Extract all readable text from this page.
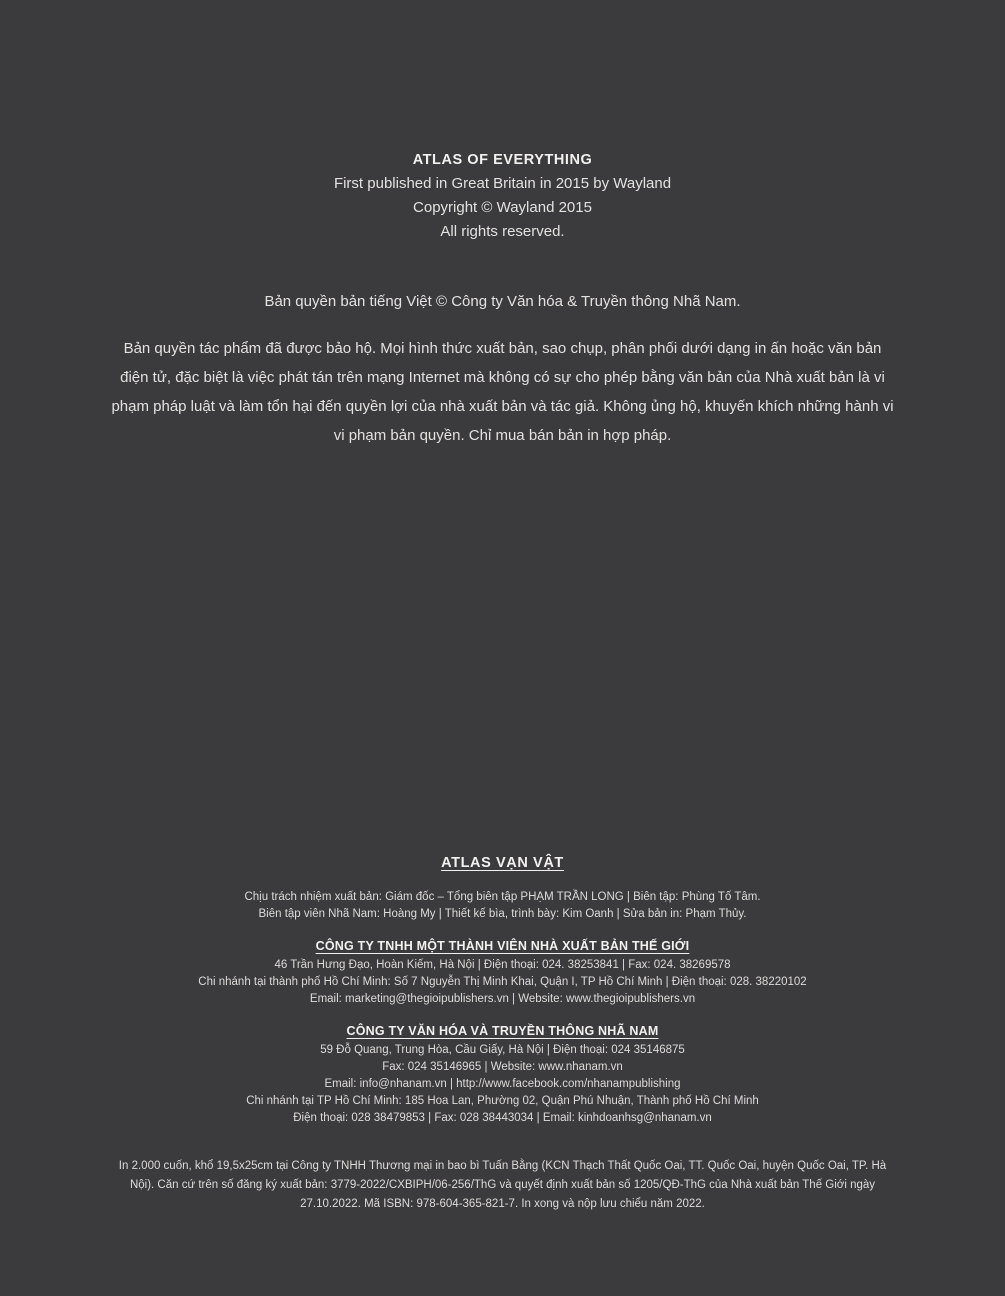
ATLAS OF EVERYTHING
First published in Great Britain in 2015 by Wayland
Copyright © Wayland 2015
All rights reserved.
Bản quyền bản tiếng Việt © Công ty Văn hóa & Truyền thông Nhã Nam.
Bản quyền tác phẩm đã được bảo hộ. Mọi hình thức xuất bản, sao chụp, phân phối dưới dạng in ấn hoặc văn bản điện tử, đặc biệt là việc phát tán trên mạng Internet mà không có sự cho phép bằng văn bản của Nhà xuất bản là vi phạm pháp luật và làm tổn hại đến quyền lợi của nhà xuất bản và tác giả. Không ủng hộ, khuyến khích những hành vi vi phạm bản quyền. Chỉ mua bán bản in hợp pháp.
ATLAS VẠN VẬT
Chịu trách nhiệm xuất bản: Giám đốc – Tổng biên tập PHẠM TRẦN LONG | Biên tập: Phùng Tố Tâm.
Biên tập viên Nhã Nam: Hoàng My | Thiết kế bìa, trình bày: Kim Oanh | Sửa bản in: Phạm Thủy.
CÔNG TY TNHH MỘT THÀNH VIÊN NHÀ XUẤT BẢN THẾ GIỚI
46 Trần Hưng Đạo, Hoàn Kiếm, Hà Nội | Điện thoại: 024. 38253841 | Fax: 024. 38269578
Chi nhánh tại thành phố Hồ Chí Minh: Số 7 Nguyễn Thị Minh Khai, Quận I, TP Hồ Chí Minh | Điện thoại: 028. 38220102
Email: marketing@thegioipublishers.vn | Website: www.thegioipublishers.vn
CÔNG TY VĂN HÓA VÀ TRUYỀN THÔNG NHÃ NAM
59 Đỗ Quang, Trung Hòa, Cầu Giấy, Hà Nội | Điện thoại: 024 35146875
Fax: 024 35146965 | Website: www.nhanam.vn
Email: info@nhanam.vn | http://www.facebook.com/nhanampublishing
Chi nhánh tại TP Hồ Chí Minh: 185 Hoa Lan, Phường 02, Quận Phú Nhuận, Thành phố Hồ Chí Minh
Điện thoại: 028 38479853 | Fax: 028 38443034 | Email: kinhdoanhsg@nhanam.vn
In 2.000 cuốn, khổ 19,5x25cm tại Công ty TNHH Thương mại in bao bì Tuấn Bằng (KCN Thạch Thất Quốc Oai, TT. Quốc Oai, huyện Quốc Oai, TP. Hà Nội). Căn cứ trên số đăng ký xuất bản: 3779-2022/CXBIPH/06-256/ThG và quyết định xuất bản số 1205/QĐ-ThG của Nhà xuất bản Thế Giới ngày 27.10.2022. Mã ISBN: 978-604-365-821-7. In xong và nộp lưu chiểu năm 2022.
